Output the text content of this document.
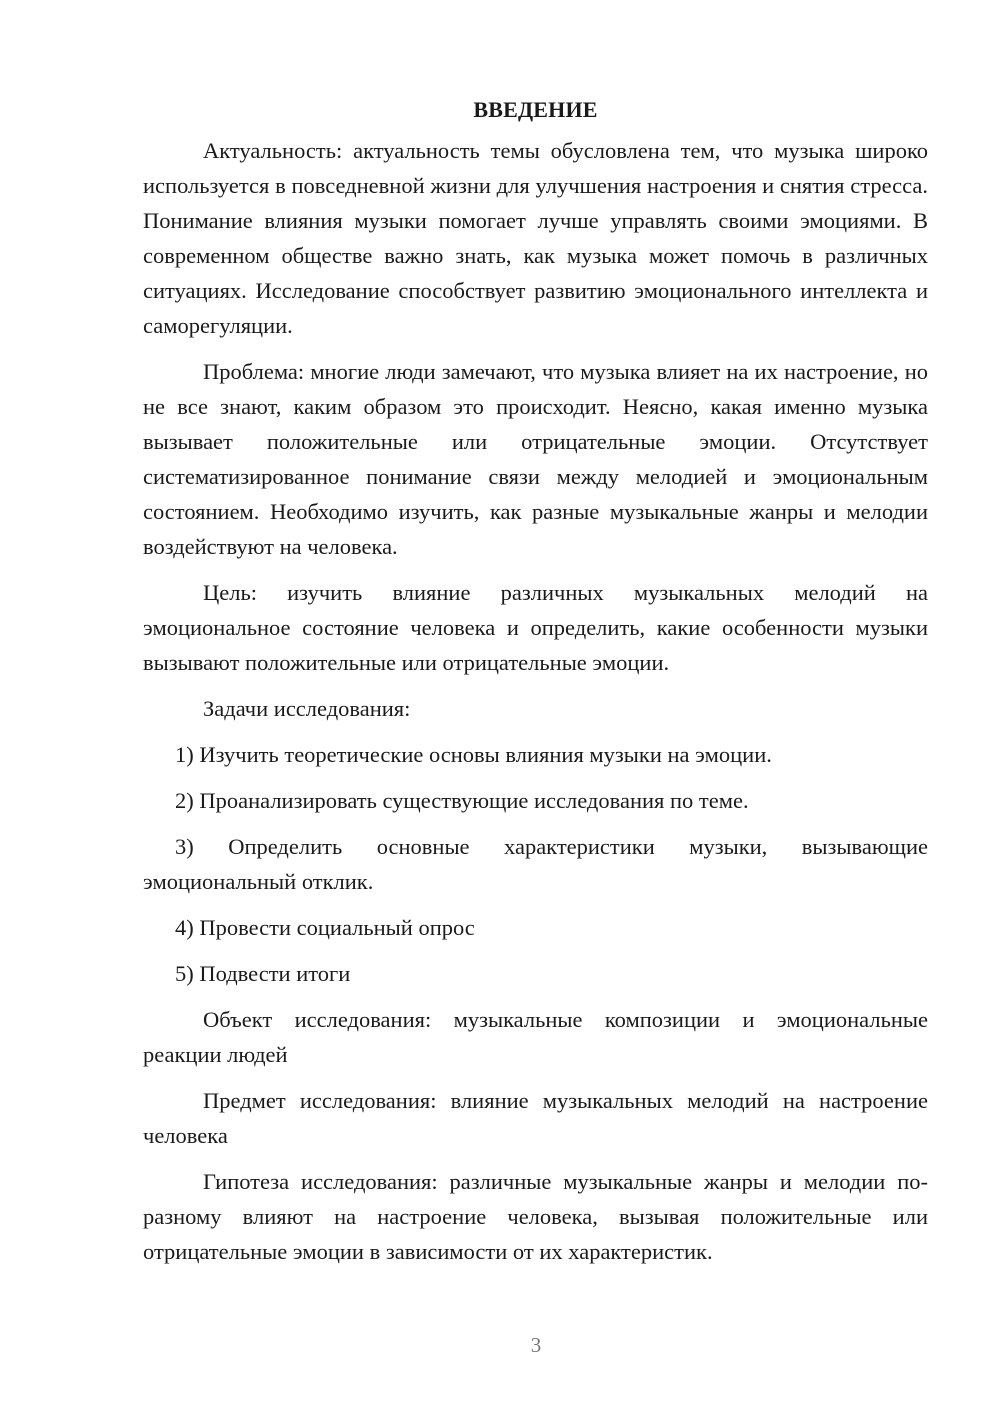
ВВЕДЕНИЕ

Актуальность: актуальность темы обусловлена тем, что музыка широко используется в повседневной жизни для улучшения настроения и снятия стресса. Понимание влияния музыки помогает лучше управлять своими эмоциями. В современном обществе важно знать, как музыка может помочь в различных ситуациях. Исследование способствует развитию эмоционального интеллекта и саморегуляции.

Проблема: многие люди замечают, что музыка влияет на их настроение, но не все знают, каким образом это происходит. Неясно, какая именно музыка вызывает положительные или отрицательные эмоции. Отсутствует систематизированное понимание связи между мелодией и эмоциональным состоянием. Необходимо изучить, как разные музыкальные жанры и мелодии воздействуют на человека.

Цель: изучить влияние различных музыкальных мелодий на эмоциональное состояние человека и определить, какие особенности музыки вызывают положительные или отрицательные эмоции.

Задачи исследования:

1) Изучить теоретические основы влияния музыки на эмоции.

2) Проанализировать существующие исследования по теме.

3) Определить основные характеристики музыки, вызывающие эмоциональный отклик.

4) Провести социальный опрос

5) Подвести итоги

Объект исследования: музыкальные композиции и эмоциональные реакции людей

Предмет исследования: влияние музыкальных мелодий на настроение человека

Гипотеза исследования: различные музыкальные жанры и мелодии по-разному влияют на настроение человека, вызывая положительные или отрицательные эмоции в зависимости от их характеристик.

3
